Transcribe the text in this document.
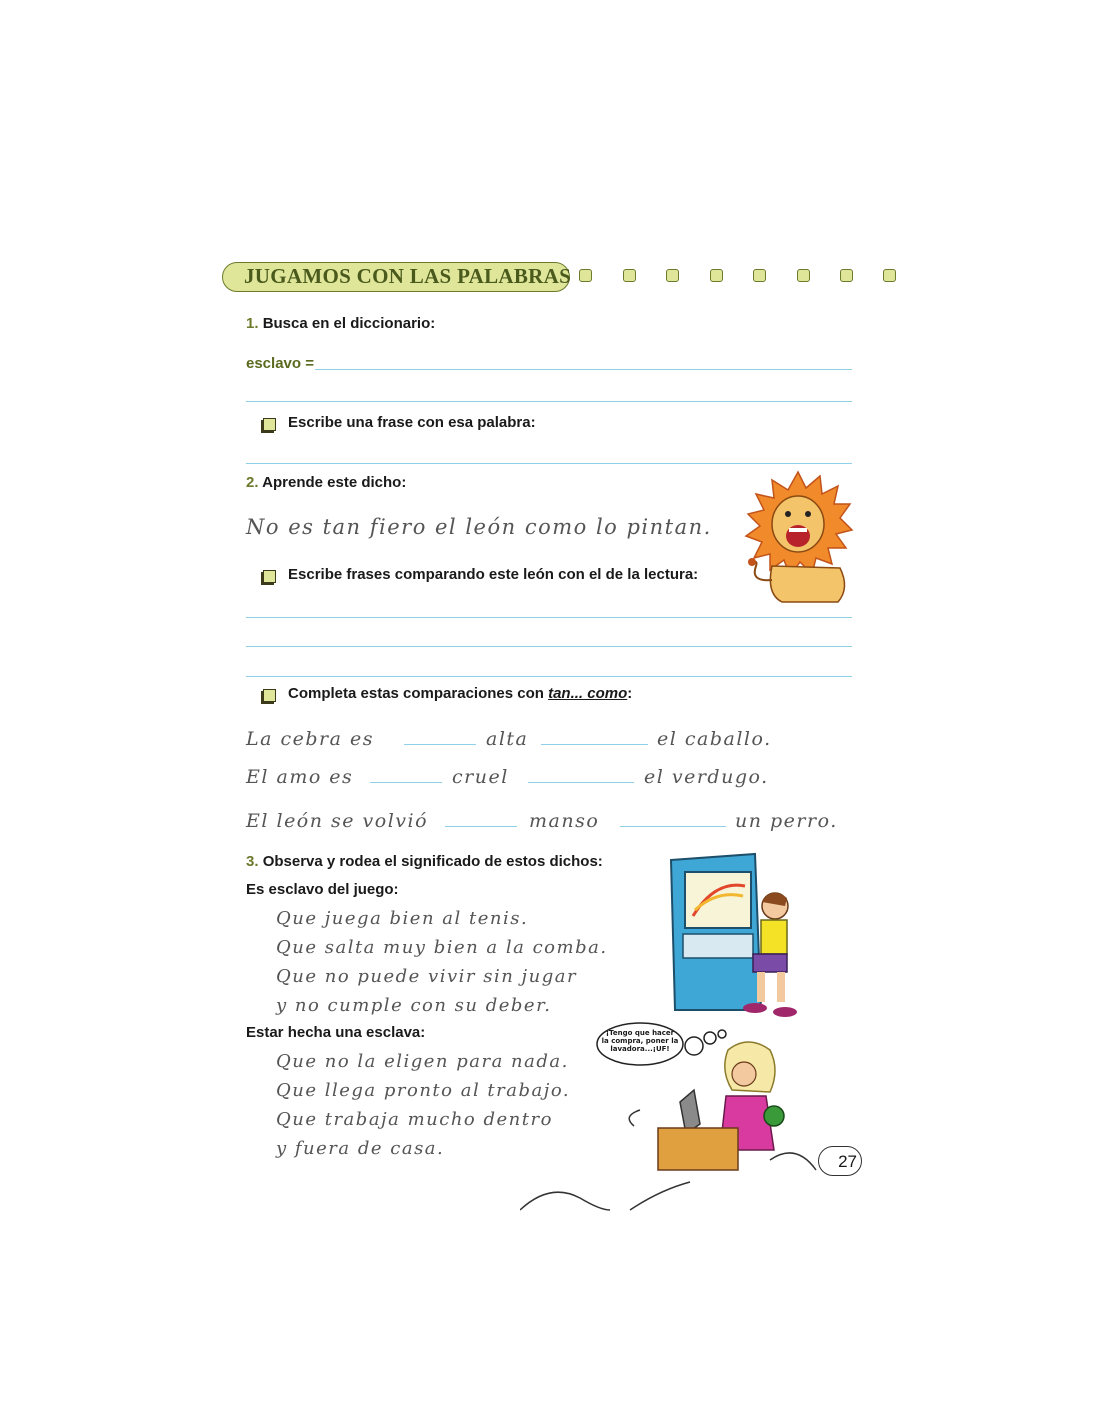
JUGAMOS CON LAS PALABRAS
1. Busca en el diccionario:
esclavo =
Escribe una frase con esa palabra:
2. Aprende este dicho:
No es tan fiero el león como lo pintan.
Escribe frases comparando este león con el de la lectura:
Completa estas comparaciones con tan... como:
La cebra es	alta	el caballo.
El amo es	cruel	el verdugo.
El león se volvió	manso	un perro.
3. Observa y rodea el significado de estos dichos:
Es esclavo del juego:
Que juega bien al tenis.
Que salta muy bien a la comba.
Que no puede vivir sin jugar
y no cumple con su deber.
Estar hecha una esclava:
Que no la eligen para nada.
Que llega pronto al trabajo.
Que trabaja mucho dentro
y fuera de casa.
¡Tengo que hacer
la compra, poner la
lavadora...¡UF!
27
